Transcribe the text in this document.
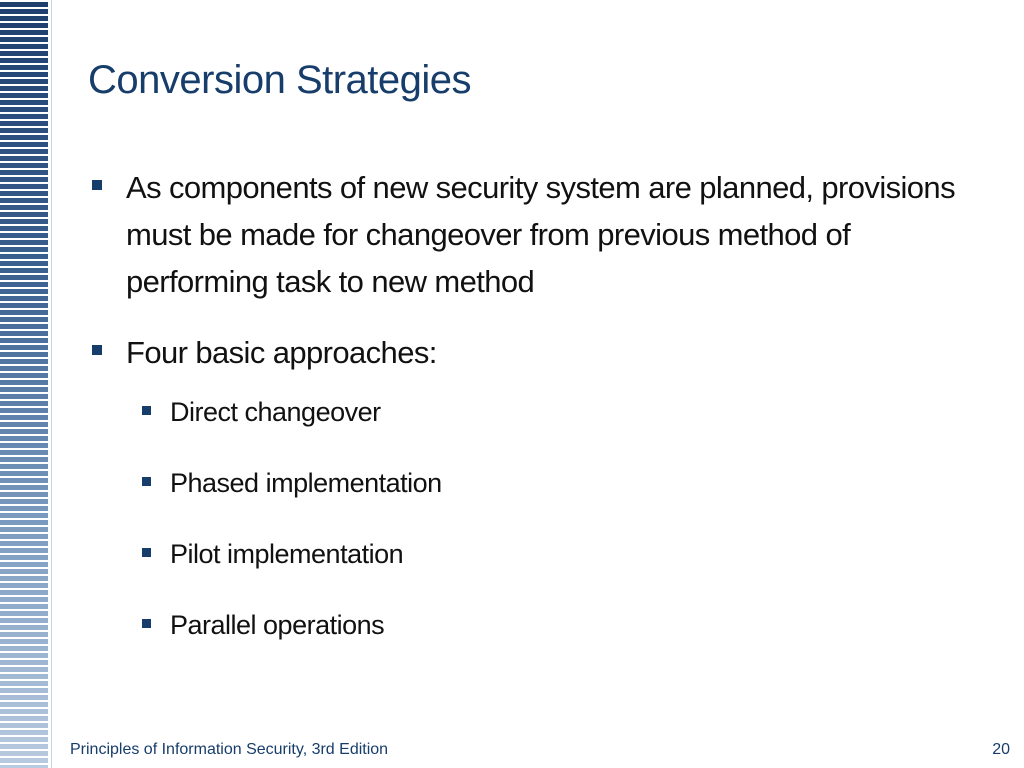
Conversion Strategies
As components of new security system are planned, provisions must be made for changeover from previous method of performing task to new method
Four basic approaches:
Direct changeover
Phased implementation
Pilot implementation
Parallel operations
Principles of Information Security, 3rd Edition	20
